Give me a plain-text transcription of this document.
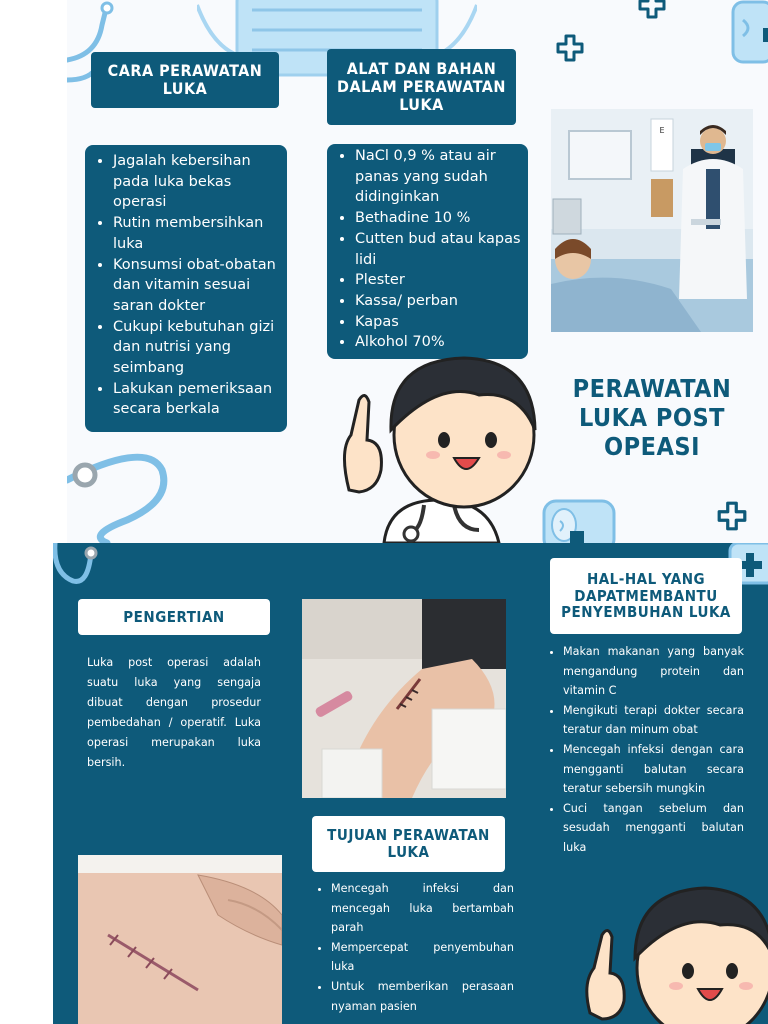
CARA PERAWATAN LUKA
ALAT DAN BAHAN DALAM PERAWATAN LUKA
• Jagalah kebersihan pada luka bekas operasi
• Rutin membersihkan luka
• Konsumsi obat-obatan dan vitamin sesuai saran dokter
• Cukupi kebutuhan gizi dan nutrisi yang seimbang
• Lakukan pemeriksaan secara berkala
• NaCl 0,9 % atau air panas yang sudah didinginkan
• Bethadine 10 %
• Cutten bud atau kapas lidi
• Plester
• Kassa/ perban
• Kapas
• Alkohol 70%
E
PERAWATAN LUKA POST OPEASI
PENGERTIAN
Luka post operasi adalah suatu luka yang sengaja dibuat dengan prosedur pembedahan / operatif. Luka operasi merupakan luka bersih.
HAL-HAL YANG DAPATMEMBANTU PENYEMBUHAN LUKA
• Makan makanan yang banyak mengandung protein dan vitamin C
• Mengikuti terapi dokter secara teratur dan minum obat
• Mencegah infeksi dengan cara mengganti balutan secara teratur sebersih mungkin
• Cuci tangan sebelum dan sesudah mengganti balutan luka
TUJUAN PERAWATAN LUKA
• Mencegah infeksi dan mencegah luka bertambah parah
• Mempercepat penyembuhan luka
• Untuk memberikan perasaan nyaman pasien
